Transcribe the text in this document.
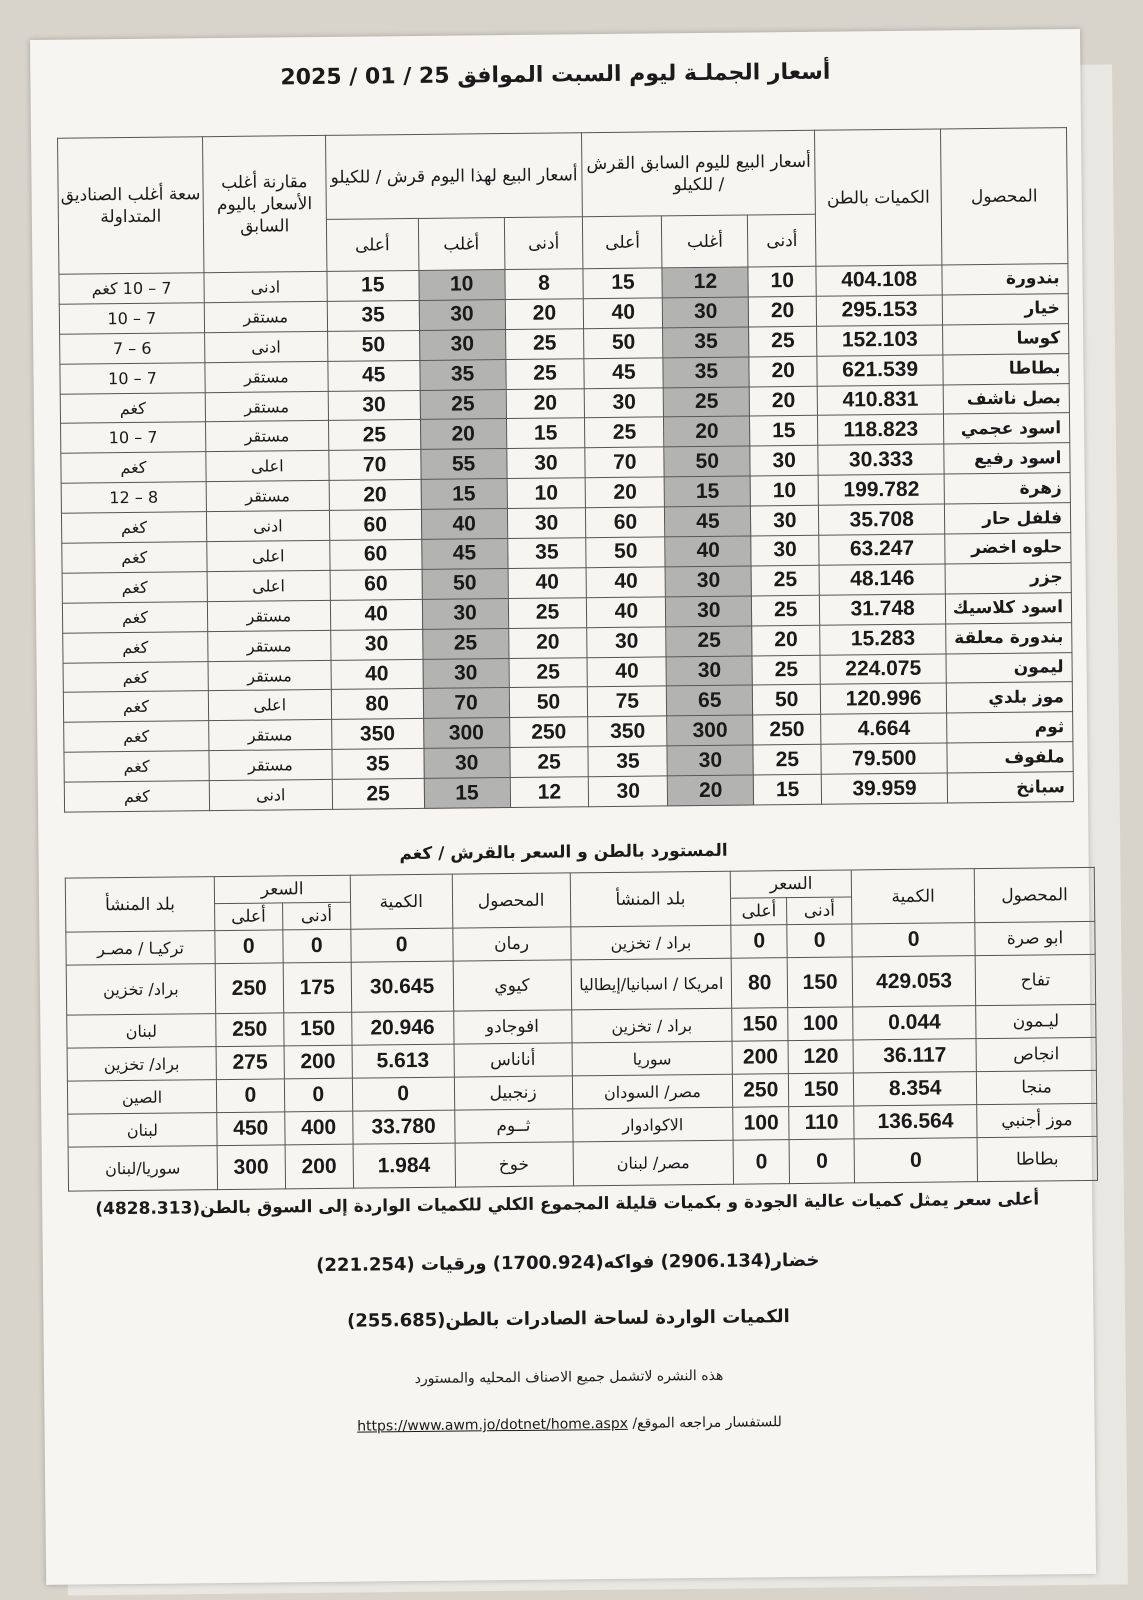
أسعار الجملـة ليوم السبت الموافق 25 / 01 / 2025
المحصول	الكميات بالطن	أسعار البيع لليوم السابق القرش / للكيلو			أسعار البيع لهذا اليوم قرش / للكيلو			مقارنة أغلب الأسعار باليوم السابق	سعة أغلب الصناديق المتداولة
		أدنى	أغلب	أعلى	أدنى	أغلب	أعلى		
بندورة	404.108	10	12	15	8	10	15	ادنى	7 – 10 كغم
خيار	295.153	20	30	40	20	30	35	مستقر	7 – 10
كوسا	152.103	25	35	50	25	30	50	ادنى	6 – 7
بطاطا	621.539	20	35	45	25	35	45	مستقر	7 – 10
بصل ناشف	410.831	20	25	30	20	25	30	مستقر	كغم
اسود عجمي	118.823	15	20	25	15	20	25	مستقر	7 – 10
اسود رفيع	30.333	30	50	70	30	55	70	اعلى	كغم
زهرة	199.782	10	15	20	10	15	20	مستقر	8 – 12
فلفل حار	35.708	30	45	60	30	40	60	ادنى	كغم
حلوه اخضر	63.247	30	40	50	35	45	60	اعلى	كغم
جزر	48.146	25	30	40	40	50	60	اعلى	كغم
اسود كلاسيك	31.748	25	30	40	25	30	40	مستقر	كغم
بندورة معلقة	15.283	20	25	30	20	25	30	مستقر	كغم
ليمون	224.075	25	30	40	25	30	40	مستقر	كغم
موز بلدي	120.996	50	65	75	50	70	80	اعلى	كغم
ثوم	4.664	250	300	350	250	300	350	مستقر	كغم
ملفوف	79.500	25	30	35	25	30	35	مستقر	كغم
سبانخ	39.959	15	20	30	12	15	25	ادنى	كغم
المستورد بالطن و السعر بالقرش / كغم
المحصول	الكمية	السعر		بلد المنشأ	المحصول	الكمية	السعر		بلد المنشأ
		أدنى	أعلى				أدنى	أعلى	
ابو صرة	0	0	0	براد / تخزين	رمان	0	0	0	تركيـا / مصـر
تفاح	429.053	150	80	امريكا / اسبانيا/إيطاليا	كيوي	30.645	175	250	براد/ تخزين
ليـمون	0.044	100	150	براد / تخزين	افوجادو	20.946	150	250	لبنان
انجاص	36.117	120	200	سوريا	أناناس	5.613	200	275	براد/ تخزين
منجا	8.354	150	250	مصر/ السودان	زنجبيل	0	0	0	الصين
موز أجنبي	136.564	110	100	الاكوادوار	ثــوم	33.780	400	450	لبنان
بطاطا	0	0	0	مصر/ لبنان	خوخ	1.984	200	300	سوريا/لبنان
أعلى سعر يمثل كميات عالية الجودة و بكميات قليلة المجموع الكلي للكميات الواردة إلى السوق بالطن(4828.313)
خضار(2906.134) فواكه(1700.924) ورقيات (221.254)
الكميات الواردة لساحة الصادرات بالطن(255.685)
هذه النشره لاتشمل جميع الاصناف المحليه والمستورد
للستفسار مراجعه الموقع/ https://www.awm.jo/dotnet/home.aspx
